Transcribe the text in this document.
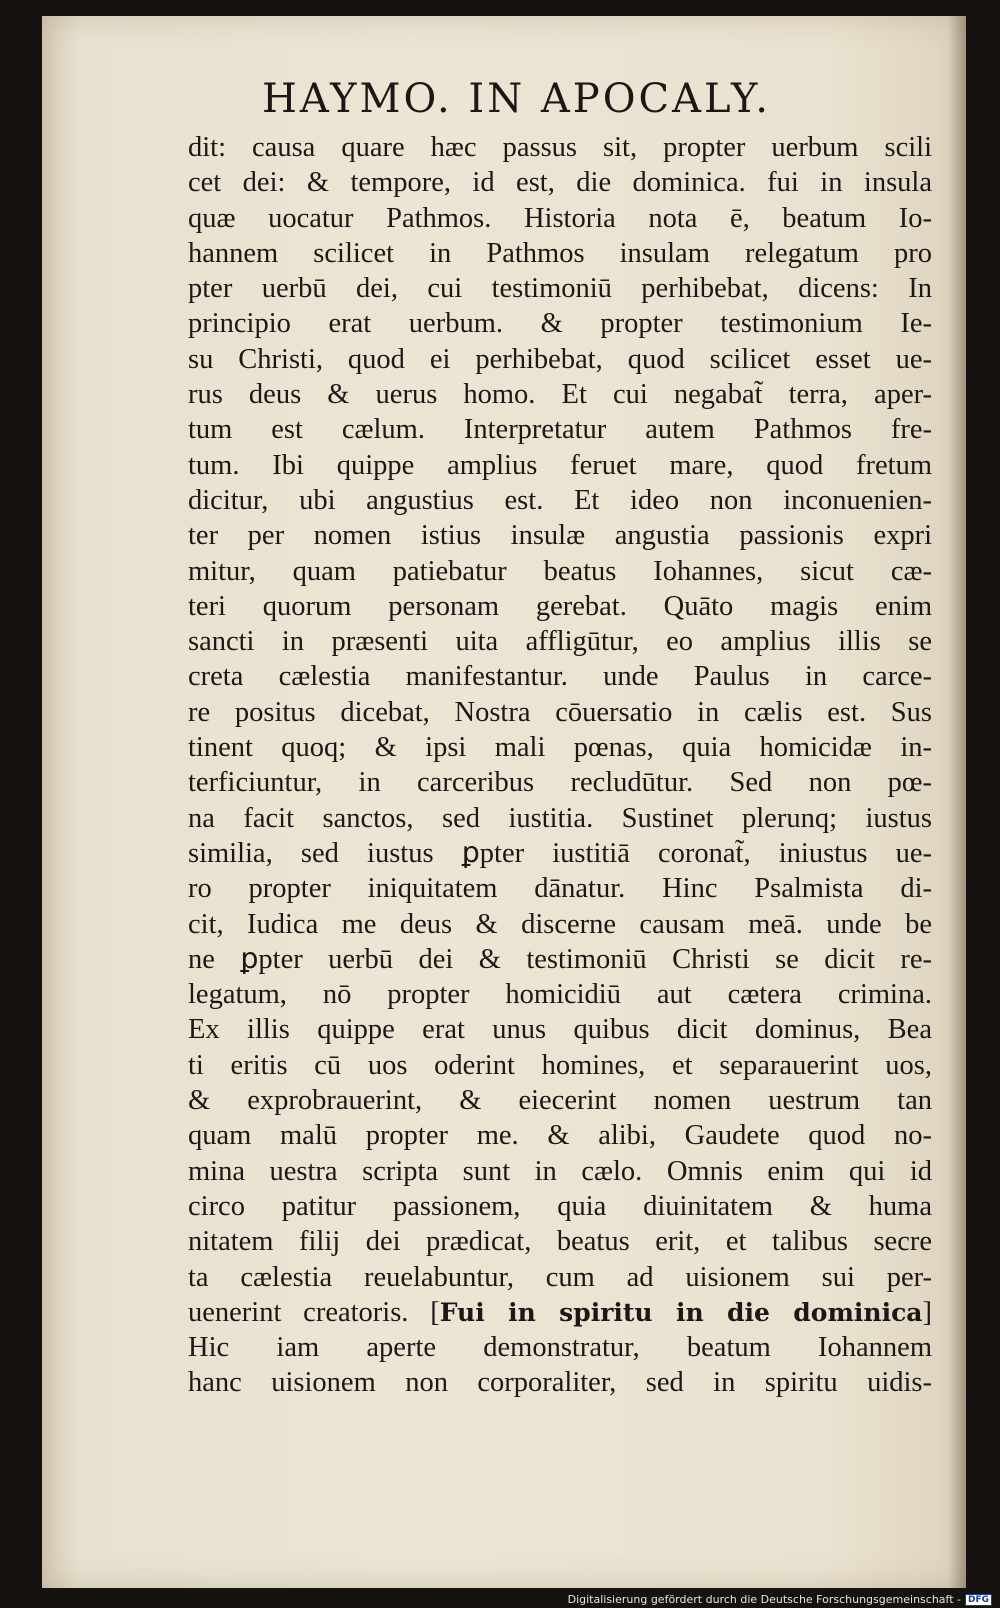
HAYMO. IN APOCALY.
dit: causa quare hæc passus sit, propter uerbum scili
cet dei: & tempore, id est, die dominica. fui in insula
quæ uocatur Pathmos. Historia nota ē, beatum Io-
hannem scilicet in Pathmos insulam relegatum pro
pter uerbū dei, cui testimoniū perhibebat, dicens: In
principio erat uerbum. & propter testimonium Ie-
su Christi, quod ei perhibebat, quod scilicet esset ue-
rus deus & uerus homo. Et cui negabat̃ terra, aper-
tum est cælum. Interpretatur autem Pathmos fre-
tum. Ibi quippe amplius feruet mare, quod fretum
dicitur, ubi angustius est. Et ideo non inconuenien-
ter per nomen istius insulæ angustia passionis expri
mitur, quam patiebatur beatus Iohannes, sicut cæ-
teri quorum personam gerebat. Quāto magis enim
sancti in præsenti uita affligūtur, eo amplius illis se
creta cælestia manifestantur. unde Paulus in carce-
re positus dicebat, Nostra cōuersatio in cælis est. Sus
tinent quoq; & ipsi mali pœnas, quia homicidæ in-
terficiuntur, in carceribus recludūtur. Sed non pœ-
na facit sanctos, sed iustitia. Sustinet plerunq; iustus
similia, sed iustus ꝑpter iustitiā coronat̃, iniustus ue-
ro propter iniquitatem dānatur. Hinc Psalmista di-
cit, Iudica me deus & discerne causam meā. unde be
ne ꝑpter uerbū dei & testimoniū Christi se dicit re-
legatum, nō propter homicidiū aut cætera crimina.
Ex illis quippe erat unus quibus dicit dominus, Bea
ti eritis cū uos oderint homines, et separauerint uos,
& exprobrauerint, & eiecerint nomen uestrum tan
quam malū propter me. & alibi, Gaudete quod no-
mina uestra scripta sunt in cælo. Omnis enim qui id
circo patitur passionem, quia diuinitatem & huma
nitatem filij dei prædicat, beatus erit, et talibus secre
ta cælestia reuelabuntur, cum ad uisionem sui per-
uenerint creatoris. [Fui in spiritu in die dominica]
Hic iam aperte demonstratur, beatum Iohannem
hanc uisionem non corporaliter, sed in spiritu uidis-
Digitalisierung gefördert durch die Deutsche Forschungsgemeinschaft - DFG
